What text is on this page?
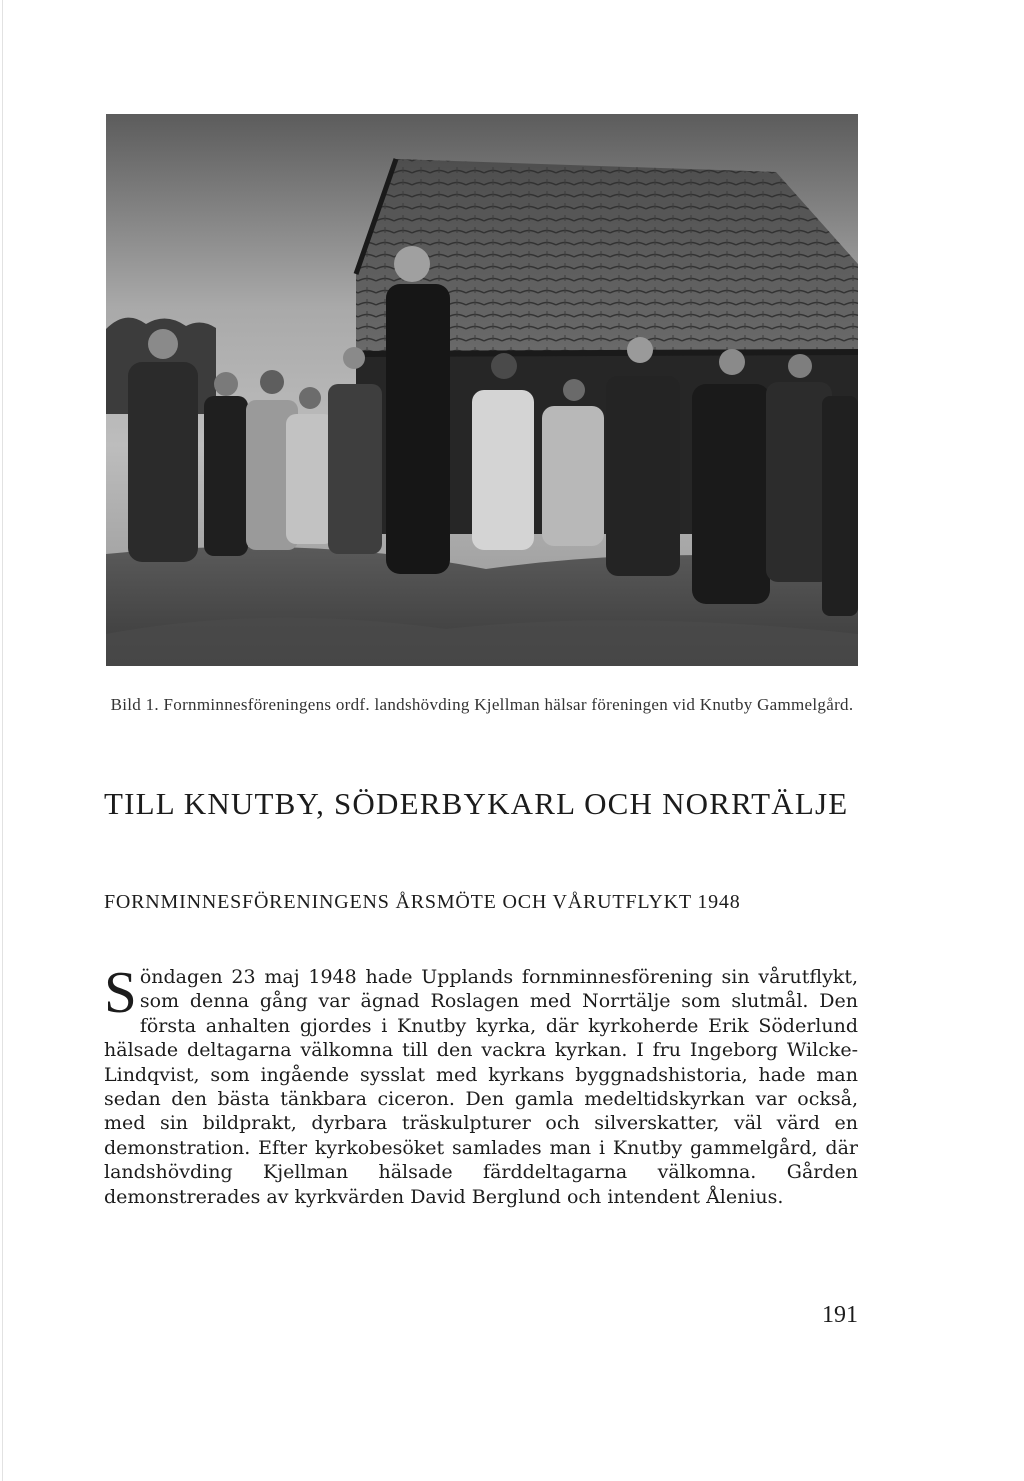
Bild 1. Fornminnesföreningens ordf. landshövding Kjellman hälsar föreningen vid Knutby Gammelgård.
TILL KNUTBY, SÖDERBYKARL OCH NORRTÄLJE
FORNMINNESFÖRENINGENS ÅRSMÖTE OCH VÅRUTFLYKT 1948

Söndagen 23 maj 1948 hade Upplands fornminnesförening sin vårutflykt, som denna gång var ägnad Roslagen med Norrtälje som slutmål. Den första anhalten gjordes i Knutby kyrka, där kyrkoherde Erik Söderlund hälsade deltagarna välkomna till den vackra kyrkan. I fru Ingeborg Wilcke-Lindqvist, som ingående sysslat med kyrkans byggnadshistoria, hade man sedan den bästa tänkbara ciceron. Den gamla medeltidskyrkan var också, med sin bildprakt, dyrbara träskulpturer och silverskatter, väl värd en demonstration. Efter kyrkobesöket samlades man i Knutby gammelgård, där landshövding Kjellman hälsade färddeltagarna välkomna. Gården demonstrerades av kyrkvärden David Berglund och intendent Ålenius.

191
